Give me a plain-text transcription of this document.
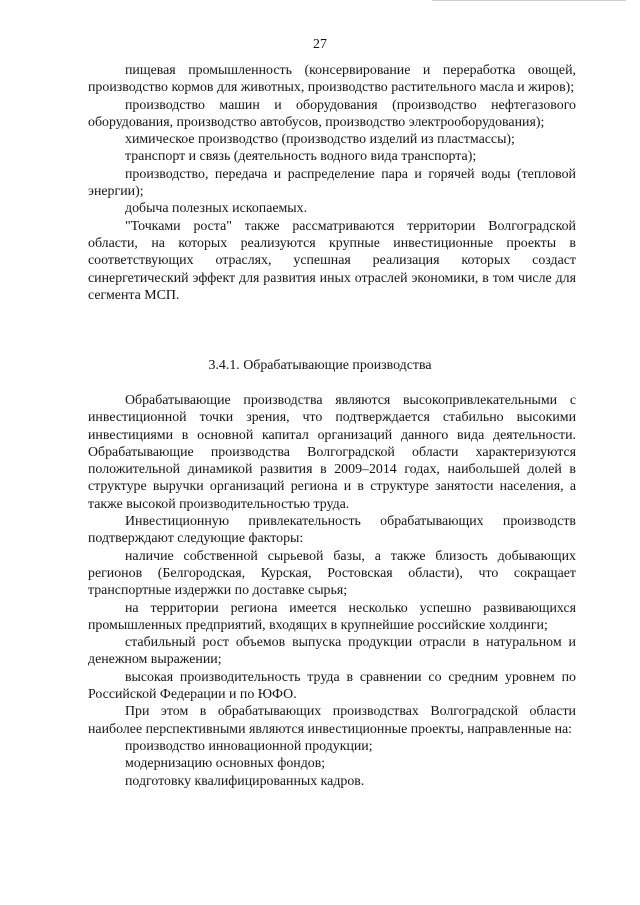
27

пищевая промышленность (консервирование и переработка овощей, производство кормов для животных, производство растительного масла и жиров);

производство машин и оборудования (производство нефтегазового оборудования, производство автобусов, производство электрооборудования);

химическое производство (производство изделий из пластмассы);

транспорт и связь (деятельность водного вида транспорта);

производство, передача и распределение пара и горячей воды (тепловой энергии);

добыча полезных ископаемых.

"Точками роста" также рассматриваются территории Волгоградской области, на которых реализуются крупные инвестиционные проекты в соответствующих отраслях, успешная реализация которых создаст синергетический эффект для развития иных отраслей экономики, в том числе для сегмента МСП.

3.4.1. Обрабатывающие производства

Обрабатывающие производства являются высокопривлекательными с инвестиционной точки зрения, что подтверждается стабильно высокими инвестициями в основной капитал организаций данного вида деятельности. Обрабатывающие производства Волгоградской области характеризуются положительной динамикой развития в 2009–2014 годах, наибольшей долей в структуре выручки организаций региона и в структуре занятости населения, а также высокой производительностью труда.

Инвестиционную привлекательность обрабатывающих производств подтверждают следующие факторы:

наличие собственной сырьевой базы, а также близость добывающих регионов (Белгородская, Курская, Ростовская области), что сокращает транспортные издержки по доставке сырья;

на территории региона имеется несколько успешно развивающихся промышленных предприятий, входящих в крупнейшие российские холдинги;

стабильный рост объемов выпуска продукции отрасли в натуральном и денежном выражении;

высокая производительность труда в сравнении со средним уровнем по Российской Федерации и по ЮФО.

При этом в обрабатывающих производствах Волгоградской области наиболее перспективными являются инвестиционные проекты, направленные на:

производство инновационной продукции;

модернизацию основных фондов;

подготовку квалифицированных кадров.
